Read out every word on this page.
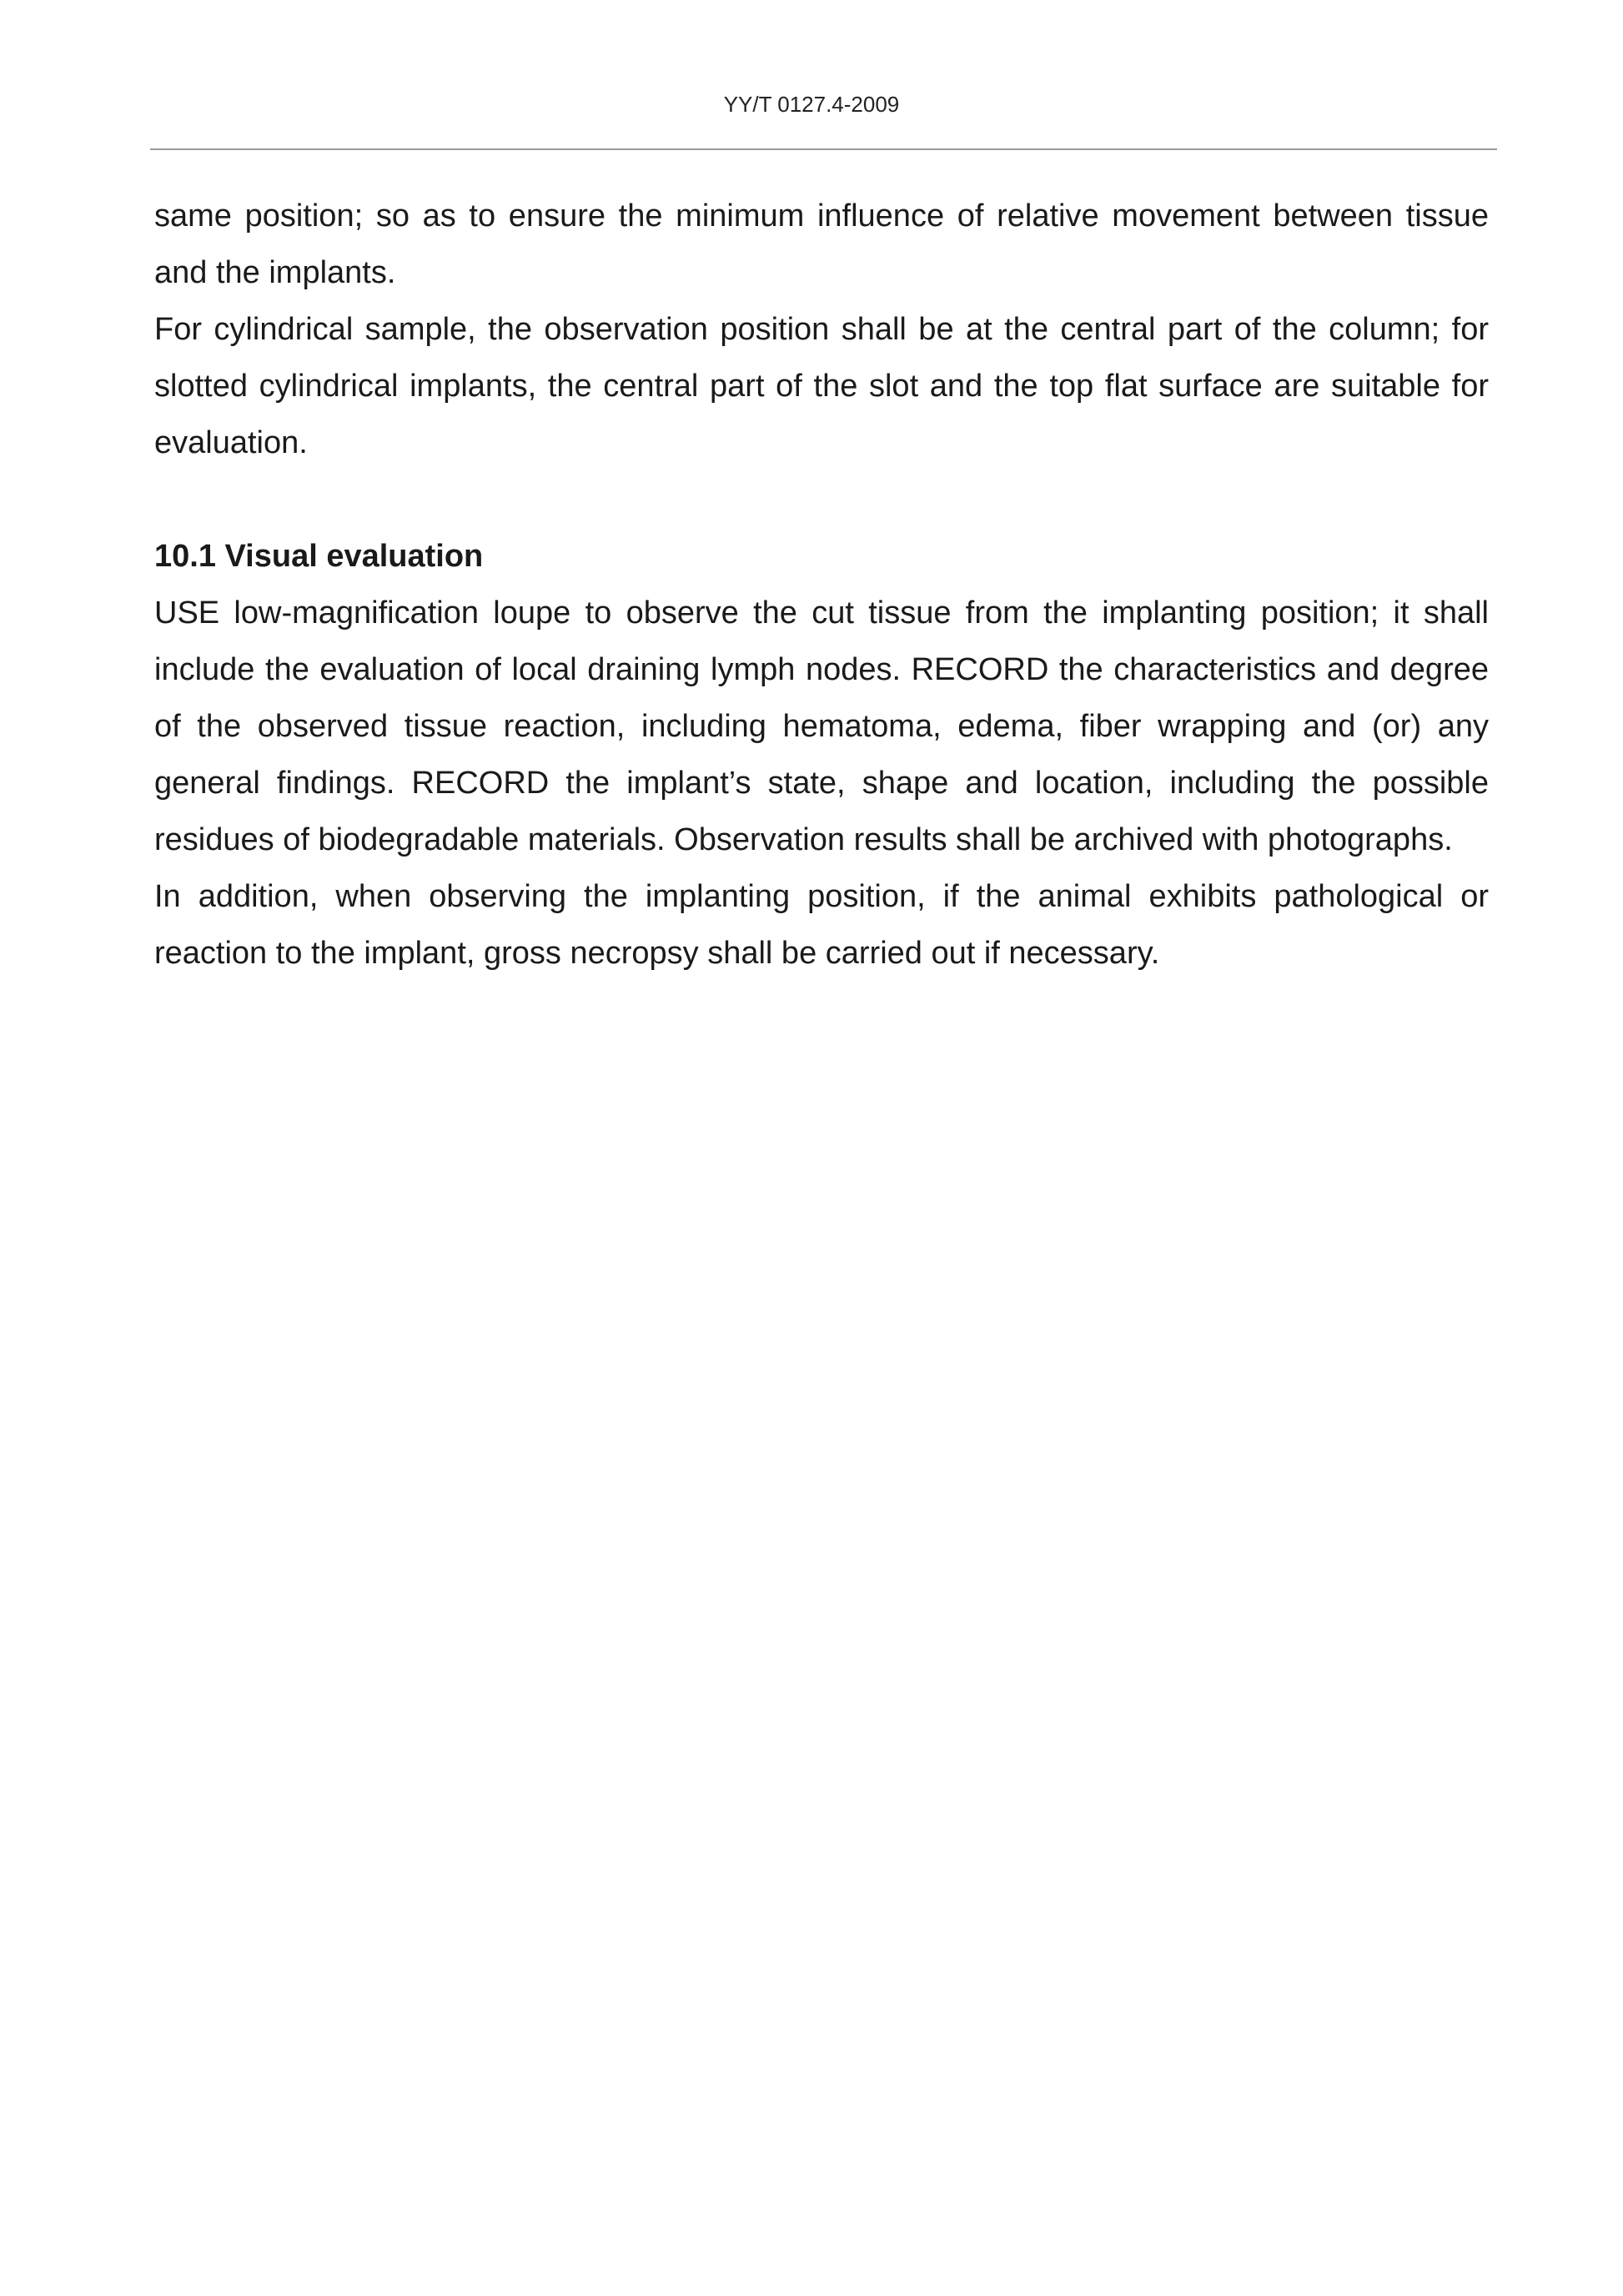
YY/T 0127.4-2009

same position; so as to ensure the minimum influence of relative movement between tissue and the implants.

For cylindrical sample, the observation position shall be at the central part of the column; for slotted cylindrical implants, the central part of the slot and the top flat surface are suitable for evaluation.

10.1 Visual evaluation

USE low-magnification loupe to observe the cut tissue from the implanting position; it shall include the evaluation of local draining lymph nodes. RECORD the characteristics and degree of the observed tissue reaction, including hematoma, edema, fiber wrapping and (or) any general findings. RECORD the implant’s state, shape and location, including the possible residues of biodegradable materials. Observation results shall be archived with photographs.

In addition, when observing the implanting position, if the animal exhibits pathological or reaction to the implant, gross necropsy shall be carried out if necessary.
